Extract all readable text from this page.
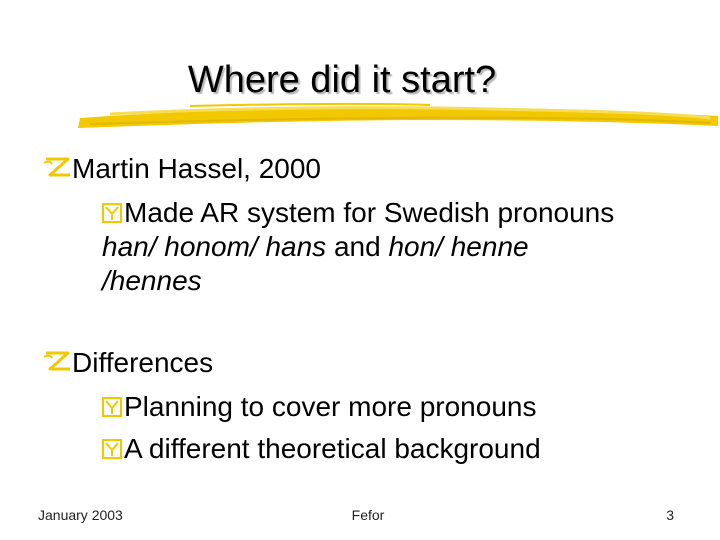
Where did it start?
Martin Hassel, 2000
Made AR system for Swedish pronouns
han/ honom/ hans and hon/ henne
/hennes
Differences
Planning to cover more pronouns
A different theoretical background
January 2003	Fefor	3
